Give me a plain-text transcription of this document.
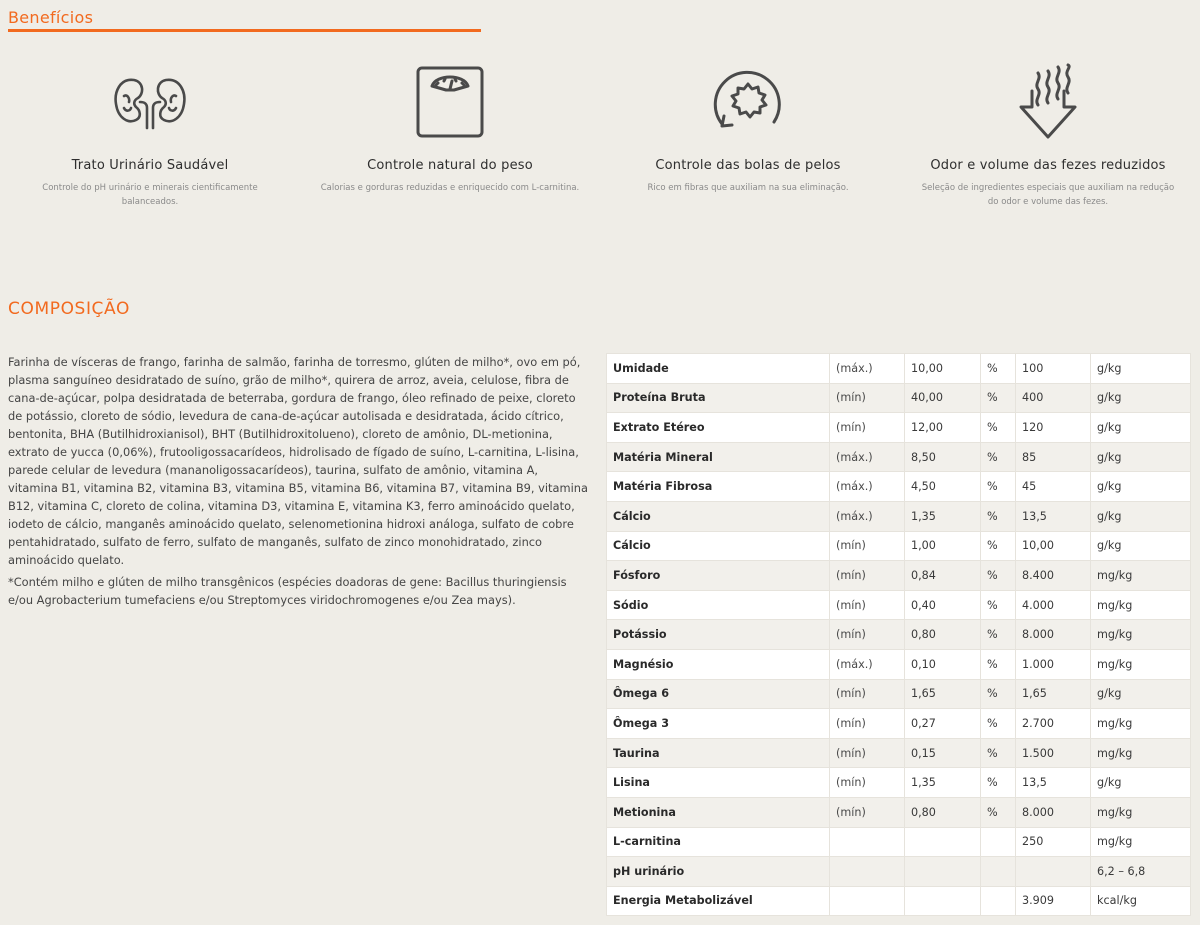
Benefícios
Trato Urinário Saudável
Controle do pH urinário e minerais cientificamente balanceados.
Controle natural do peso
Calorias e gorduras reduzidas e enriquecido com L-carnitina.
Controle das bolas de pelos
Rico em fibras que auxiliam na sua eliminação.
Odor e volume das fezes reduzidos
Seleção de ingredientes especiais que auxiliam na redução do odor e volume das fezes.
COMPOSIÇÃO

Farinha de vísceras de frango, farinha de salmão, farinha de torresmo, glúten de milho*, ovo em pó, plasma sanguíneo desidratado de suíno, grão de milho*, quirera de arroz, aveia, celulose, fibra de cana-de-açúcar, polpa desidratada de beterraba, gordura de frango, óleo refinado de peixe, cloreto de potássio, cloreto de sódio, levedura de cana-de-açúcar autolisada e desidratada, ácido cítrico, bentonita, BHA (Butilhidroxianisol), BHT (Butilhidroxitolueno), cloreto de amônio, DL-metionina, extrato de yucca (0,06%), frutooligossacarídeos, hidrolisado de fígado de suíno, L-carnitina, L-lisina, parede celular de levedura (mananoligossacarídeos), taurina, sulfato de amônio, vitamina A, vitamina B1, vitamina B2, vitamina B3, vitamina B5, vitamina B6, vitamina B7, vitamina B9, vitamina B12, vitamina C, cloreto de colina, vitamina D3, vitamina E, vitamina K3, ferro aminoácido quelato, iodeto de cálcio, manganês aminoácido quelato, selenometionina hidroxi análoga, sulfato de cobre pentahidratado, sulfato de ferro, sulfato de manganês, sulfato de zinco monohidratado, zinco aminoácido quelato.

*Contém milho e glúten de milho transgênicos (espécies doadoras de gene: Bacillus thuringiensis e/ou Agrobacterium tumefaciens e/ou Streptomyces viridochromogenes e/ou Zea mays).

Umidade	(máx.)	10,00	%	100	g/kg
Proteína Bruta	(mín)	40,00	%	400	g/kg
Extrato Etéreo	(mín)	12,00	%	120	g/kg
Matéria Mineral	(máx.)	8,50	%	85	g/kg
Matéria Fibrosa	(máx.)	4,50	%	45	g/kg
Cálcio	(máx.)	1,35	%	13,5	g/kg
Cálcio	(mín)	1,00	%	10,00	g/kg
Fósforo	(mín)	0,84	%	8.400	mg/kg
Sódio	(mín)	0,40	%	4.000	mg/kg
Potássio	(mín)	0,80	%	8.000	mg/kg
Magnésio	(máx.)	0,10	%	1.000	mg/kg
Ômega 6	(mín)	1,65	%	1,65	g/kg
Ômega 3	(mín)	0,27	%	2.700	mg/kg
Taurina	(mín)	0,15	%	1.500	mg/kg
Lisina	(mín)	1,35	%	13,5	g/kg
Metionina	(mín)	0,80	%	8.000	mg/kg
L-carnitina				250	mg/kg
pH urinário					6,2 – 6,8
Energia Metabolizável				3.909	kcal/kg
